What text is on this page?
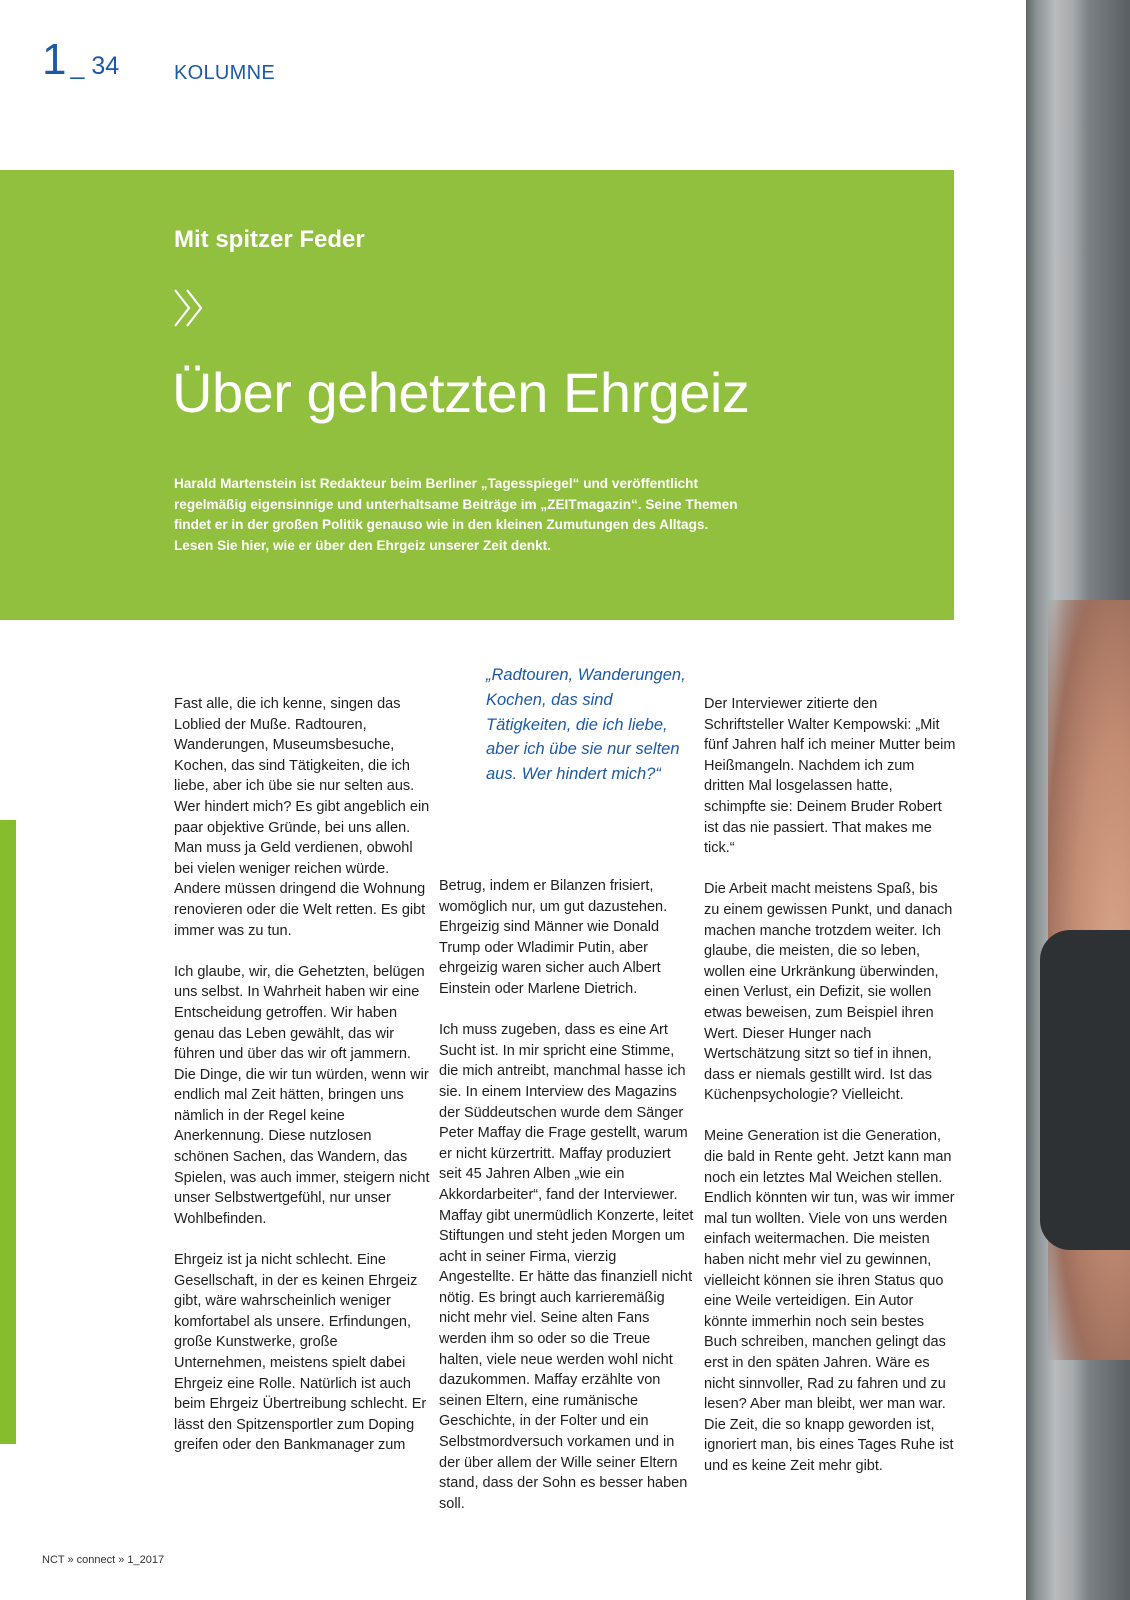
1 _ 34	KOLUMNE
Mit spitzer Feder
Über gehetzten Ehrgeiz
Harald Martenstein ist Redakteur beim Berliner „Tagesspiegel“ und veröffentlicht regelmäßig eigensinnige und unterhaltsame Beiträge im „ZEITmagazin“. Seine Themen findet er in der großen Politik genauso wie in den kleinen Zumutungen des Alltags. Lesen Sie hier, wie er über den Ehrgeiz unserer Zeit denkt.

Fast alle, die ich kenne, singen das Loblied der Muße. Radtouren, Wanderungen, Museumsbesuche, Kochen, das sind Tätigkeiten, die ich liebe, aber ich übe sie nur selten aus. Wer hindert mich? Es gibt angeblich ein paar objektive Gründe, bei uns allen. Man muss ja Geld verdienen, obwohl bei vielen weniger reichen würde. Andere müssen dringend die Wohnung renovieren oder die Welt retten. Es gibt immer was zu tun.

Ich glaube, wir, die Gehetzten, belügen uns selbst. In Wahrheit haben wir eine Entscheidung getroffen. Wir haben genau das Leben gewählt, das wir führen und über das wir oft jammern. Die Dinge, die wir tun würden, wenn wir endlich mal Zeit hätten, bringen uns nämlich in der Regel keine Anerkennung. Diese nutzlosen schönen Sachen, das Wandern, das Spielen, was auch immer, steigern nicht unser Selbstwertgefühl, nur unser Wohlbefinden.

Ehrgeiz ist ja nicht schlecht. Eine Gesellschaft, in der es keinen Ehrgeiz gibt, wäre wahrscheinlich weniger komfortabel als unsere. Erfindungen, große Kunstwerke, große Unternehmen, meistens spielt dabei Ehrgeiz eine Rolle. Natürlich ist auch beim Ehrgeiz Übertreibung schlecht. Er lässt den Spitzensportler zum Doping greifen oder den Bankmanager zum

„Radtouren, Wanderungen, Kochen, das sind Tätigkeiten, die ich liebe, aber ich übe sie nur selten aus. Wer hindert mich?“

Betrug, indem er Bilanzen frisiert, womöglich nur, um gut dazustehen. Ehrgeizig sind Männer wie Donald Trump oder Wladimir Putin, aber ehrgeizig waren sicher auch Albert Einstein oder Marlene Dietrich.

Ich muss zugeben, dass es eine Art Sucht ist. In mir spricht eine Stimme, die mich antreibt, manchmal hasse ich sie. In einem Interview des Magazins der Süddeutschen wurde dem Sänger Peter Maffay die Frage gestellt, warum er nicht kürzertritt. Maffay produziert seit 45 Jahren Alben „wie ein Akkordarbeiter“, fand der Interviewer. Maffay gibt unermüdlich Konzerte, leitet Stiftungen und steht jeden Morgen um acht in seiner Firma, vierzig Angestellte. Er hätte das finanziell nicht nötig. Es bringt auch karrieremäßig nicht mehr viel. Seine alten Fans werden ihm so oder so die Treue halten, viele neue werden wohl nicht dazukommen. Maffay erzählte von seinen Eltern, eine rumänische Geschichte, in der Folter und ein Selbstmordversuch vorkamen und in der über allem der Wille seiner Eltern stand, dass der Sohn es besser haben soll.

Der Interviewer zitierte den Schriftsteller Walter Kempowski: „Mit fünf Jahren half ich meiner Mutter beim Heißmangeln. Nachdem ich zum dritten Mal losgelassen hatte, schimpfte sie: Deinem Bruder Robert ist das nie passiert. That makes me tick.“

Die Arbeit macht meistens Spaß, bis zu einem gewissen Punkt, und danach machen manche trotzdem weiter. Ich glaube, die meisten, die so leben, wollen eine Urkränkung überwinden, einen Verlust, ein Defizit, sie wollen etwas beweisen, zum Beispiel ihren Wert. Dieser Hunger nach Wertschätzung sitzt so tief in ihnen, dass er niemals gestillt wird. Ist das Küchenpsychologie? Vielleicht.

Meine Generation ist die Generation, die bald in Rente geht. Jetzt kann man noch ein letztes Mal Weichen stellen. Endlich könnten wir tun, was wir immer mal tun wollten. Viele von uns werden einfach weitermachen. Die meisten haben nicht mehr viel zu gewinnen, vielleicht können sie ihren Status quo eine Weile verteidigen. Ein Autor könnte immerhin noch sein bestes Buch schreiben, manchen gelingt das erst in den späten Jahren. Wäre es nicht sinnvoller, Rad zu fahren und zu lesen? Aber man bleibt, wer man war. Die Zeit, die so knapp geworden ist, ignoriert man, bis eines Tages Ruhe ist und es keine Zeit mehr gibt.

NCT » connect » 1_2017
